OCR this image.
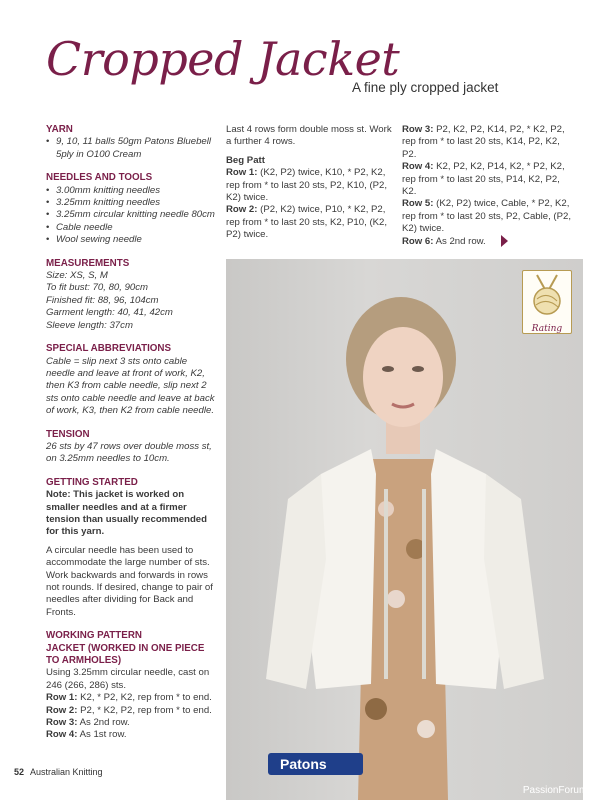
Cropped Jacket
A fine ply cropped jacket

YARN

• 9, 10, 11 balls 50gm Patons Bluebell 5ply in O100 Cream

NEEDLES AND TOOLS

• 3.00mm knitting needles
• 3.25mm knitting needles
• 3.25mm circular knitting needle 80cm
• Cable needle
• Wool sewing needle

MEASUREMENTS

Size: XS, S, M
To fit bust: 70, 80, 90cm
Finished fit: 88, 96, 104cm
Garment length: 40, 41, 42cm
Sleeve length: 37cm

SPECIAL ABBREVIATIONS

Cable = slip next 3 sts onto cable needle and leave at front of work, K2, then K3 from cable needle, slip next 2 sts onto cable needle and leave at back of work, K3, then K2 from cable needle.

TENSION

26 sts by 47 rows over double moss st, on 3.25mm needles to 10cm.

GETTING STARTED

Note: This jacket is worked on smaller needles and at a firmer tension than usually recommended for this yarn.
A circular needle has been used to accommodate the large number of sts. Work backwards and forwards in rows not rounds. If desired, change to pair of needles after dividing for Back and Fronts.

WORKING PATTERN

JACKET (WORKED IN ONE PIECE TO ARMHOLES)

Using 3.25mm circular needle, cast on 246 (266, 286) sts.
Row 1: K2, * P2, K2, rep from * to end.
Row 2: P2, * K2, P2, rep from * to end.
Row 3: As 2nd row.
Row 4: As 1st row.
Last 4 rows form double moss st. Work a further 4 rows.
Beg Patt
Row 1: (K2, P2) twice, K10, * P2, K2, rep from * to last 20 sts, P2, K10, (P2, K2) twice.
Row 2: (P2, K2) twice, P10, * K2, P2, rep from * to last 20 sts, K2, P10, (K2, P2) twice.
Row 3: P2, K2, P2, K14, P2, * K2, P2, rep from * to last 20 sts, K14, P2, K2, P2.
Row 4: K2, P2, K2, P14, K2, * P2, K2, rep from * to last 20 sts, P14, K2, P2, K2.
Row 5: (K2, P2) twice, Cable, * P2, K2, rep from * to last 20 sts, P2, Cable, (P2, K2) twice.
Row 6: As 2nd row.
Patons
Rating
52 Australian Knitting
PassionForum.ru
